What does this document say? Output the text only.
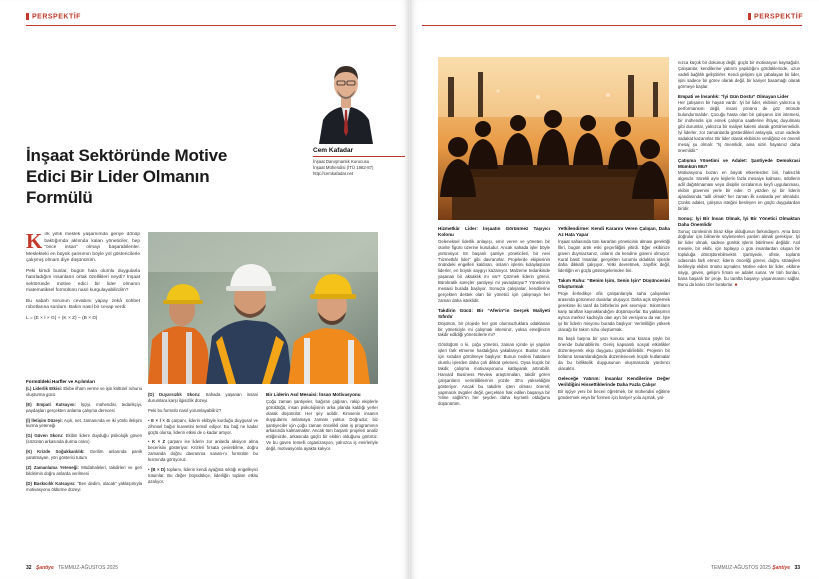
PERSPEKTİF
İnşaat Sektöründe Motive Edici Bir Lider Olmanın Formülü
Cem Kafadar
İnşaat Danışmanlık Kurucusu
İnşaat Mühendisi (İTÜ 1982-87)
http://cemkafadar.net

Kırk yıllık meslek yaşamımda geriye dönüp baktığımda aklımda kalan yöneticiler, hep “önce insan” olmayı başarabilenler. Meslekteki en büyük şansımın böyle yol göstericilerle çalışmış olmam diye düşünürüm.

Peki kimdi bunlar, bugün hala olumlu duygularla hatırladığım insanların ortak özellikleri neydi? İnşaat sektöründe motive edici bir lider olmanın matematiksel formülünü nasıl kurgulayabilirdim?

Bu sabah sorunun cevabını yapay zekâ sohbet robotlarına sordum. Bakın nasıl bir cevap verdi:

L = (E × İ × G) + (K × Z) − (B × D)

Formüldeki Harfler ve Açılımları

(L) Liderlik Etkisi: Ekibe ilham verme ve işin kültürel ruhunu oluşturma gücü

(E) Empati Katsayısı: İşçiyi, mühendisi, tedarikçiyi, paydaşları gerçekten anlama çalışma derecesi

(İ) İletişim Düzeyi: Açık, net, zamanında ve iki yönlü iletişim kurma yeteneği

(G) Güven Skoru: Ekibin lidere duyduğu psikolojik güven (sözünün arkasında durma oranı)

(K) Krizde Soğukkanlılık: Gerilim anlarında panik yaratmayan, yön gösterici tutum

(Z) Zamanlama Yeteneği: Müdahaleleri, takdirleri ve geri bildirimin doğru anlarda verilmesi

(D) Baskıcılık Katsayısı: “Ben dedim, olacak” yaklaşımıyla motivasyonu öldürme düzeyi

(D) Duyarsızlık Skoru: Sahada yaşanan insani durumlara karşı ilgisizlik düzeyi.

Peki bu formülü nasıl yorumlayabiliriz?

• E × İ × G çarpanı, liderin ekibiyle kurduğu duygusal ve zihinsel bağın kuvvetini temsil ediyor. Bu bağ ne kadar güçlü olursa, liderin etkisi de o kadar artıyor.

• K × Z çarpanı ise liderin zor anlarda aksiyon alma becerisini gösteriyor. Krizleri fırsata çevirebilme, doğru zamanda doğru davranma sanatı-nı formülün bu kısmında görüyoruz.

• (B × D) toplamı, liderin kendi ayağına sıktığı engelleyici tutumlar. Bu değer büyüdükçe, liderliğin toplam etkisi azalıyor.

Bir Liderin Asıl Mesaisi: İnsan Motivasyonu

Çoğu zaman şantiyeler, bağıran çağıran, rakip ekiplerle görüldüğü, insan psikolojisinin arka planda kaldığı yerler olarak düşünülür. Her şey acildir. Kimsenin insanın duygularını anlamaya zamanı yoktur. Doğrudur, biz şantiyeciler için çoğu zaman öncelikli olan iş programının arkasında kalmamaktır. Ancak tüm başarılı projeleri analiz ettiğimizde, arkasında güçlü bir ekibin olduğunu görürüz. Ve bu güven temelli organizasyon, yalnızca iş emirleriyle değil, motivasyonla ayakta kalıyor.

32 Şantiye TEMMUZ-AĞUSTOS 2025
PERSPEKTİF
Hizmetkâr Lider: İnşaatın Görünmez Taşıyıcı Kolonu

Geleneksel liderlik anlayışı, emir veren ve yöneten bir otorite figürü üzerine kuruludur. Ancak sahada işler böyle yürümüyor. En başarılı şantiye yöneticileri, bir nevi “hizmetkâr lider” gibi davranırlar. Projelerde ekiplerinin önündeki engelleri kaldıran, onların işlerini kolaylaştıran liderler, en büyük saygıyı kazanıyor. Malzeme tedarikinde yaşanan bir aksaklık mı var? Çözmek liderin görevi. Bürokratik süreçler şantiyeyi mi yavaşlatıyor? Yöneticinin mesaisi burada başlıyor. Sonuçta çalışanlar, kendilerine gerçekten destek olan bir yönetici için çalışmaya her zaman daha isteklidir.

Takdirin Gücü: Bir “Aferin”in Gerçek Maliyeti Sıfırdır

Düşünün, bir projede her gün olumsuzluklara odaklanan bir yöneticiyle mi çalışmak istersiniz, yoksa emeğinizin takdir edildiği yöneticilerle mi?

Gördüğüm o ki, çoğu yönetici, zaman içinde iyi yapılan işleri fark etmeme hastalığına yakalanıyor. Bunlar onun için sıradan görülmeye başlıyor. Bunun nedeni hataların olumlu işlerden daha çok dikkat çekmesi. Oysa küçük bir takdir, çalışma motivasyonunu katlayarak artırabilir. Harvard Business Review araştırmaları, takdir gören çalışanların verimliliklerinin yüzde 30’a yükseldiğini gösteriyor. Ancak bu takdirin içten olması önemli; yapmacık övgüler değil, gerçekten hak edilen başarıya bir “eline sağlık”ın her şeyden daha kıymetli olduğunu düşünürüm.

Yetkilendirme: Kendi Kararını Veren Çalışan, Daha Az Hata Yapar

İnşaat sahasında tüm kararları yöneticinin alması gerektiği fikri, bugün artık eski geçerliliğini yitirdi. Eğer ekibinize güven duymazsanız, onların da kendine güveni olmuyor. Kural basit: İnsanlar, gerçekten sorumlu oldukları işlerde daha dikkatli çalışıyor. Yetki devretmek, zayıflık değil, liderliğin en güçlü göstergelerinden biri.

Takım Ruhu: “Benim İşim, Senin İşin” Düşüncesini Oluşturmak

Proje ilerledikçe ofis çalışanlarıyla saha çalışanları arasında görünmez duvarlar oluşuyor. Daha açık söylemek gerekirse iki taraf da birbirlerini pek sevmiyor. Sıkıntıların karşı taraftan kaynaklandığını düşünüyorlar. Bu yaklaşımın ayrıca merkez kadroyla olan ayrı bir versiyonu da var. İşte iyi bir liderin misyonu burada başlıyor: Verimliliğin yüksek olacağı bir takım ruhu oluşturmak.

Bu başlı başına bir yazı konusu ama kısaca şöyle bir öneride bulunabilirim. Geniş kapsamlı sosyal etkinlikler düzenleyerek ekip duygusu güçlendirilebilir. Projenin bir bölümü tamamlandığında düzenlenecek küçük kutlamalar da bu birliktelik duygusunun oluşmasında yardımcı olacaktır.

Geleceğe Yatırım: İnsanlar Kendilerine Değer Verildiğini Hissettiklerinde Daha Fazla Çalışır

Bir işçiye yeni bir beceri öğretmek, bir mühendisi eğitime göndermek veya bir formen için kariyer yolu açmak, yal-

nızca küçük bir dokunuş değil, güçlü bir motivasyon kaynağıdır. Çalışanlar, kendilerine yatırım yapıldığını gördüklerinde, uzun vadeli bağlılık geliştirirler. Kendi gelişimi için çabalayan bir lider, işini sadece bir görev olarak değil, bir kariyer basamağı olarak görmeye başlar.

Empati ve İnsanlık: “İyi Gün Dostu” Olmayan Lider

Her çalışanın bir hayatı vardır. İyi bir lider, ekibinin yalnızca iş performansını değil, insani yönünü de göz önünde bulundurmalıdır. Çocuğu hasta olan bir çalışanın izin istemesi, bir mühendis için esnek çalışma saatlerine ihtiyaç duyulması gibi durumlar, yalnızca bir maliyet kalemi olarak görülmemelidir. İyi liderler, zor zamanlarda gösterdikleri anlayışla, uzun vadede sadakat kazanırlar. Bir lider olarak ekibinize verdiğiniz en önemli mesaj şu olmalı: “İş önemlidir, ama sizin hayatınız daha önemlidir.”

Çatışma Yönetimi ve Adalet: Şantiyede Demokrasi Mümkün Mü?

Motivasyonu bozan en büyük etkenlerden biri, haksızlık algısıdır. Sürekli aynı kişilerin fazla mesaiye kalması, ödüllerin adil dağıtılmaması veya disiplin cezalarının keyfi uygulanması, ekibin güvenini yerle bir eder. O yüzden iyi bir liderin ajandasında “adil olmak” her zaman ilk sıralarda yer almalıdır. Çünkü adalet, çalışma isteğini besleyen en güçlü duygulardan biridir.

Sonuç: İyi Bir İnsan Olmak, İyi Bir Yönetici Olmaktan Daha Önemlidir

Sonuç cümlesinin biraz klişe olduğunun farkındayım. Ama bazı doğrular için bilinenle söylenenleri yanlım almak gerekiyor. İyi bir lider olmak, sadece günlük işlerin bitirilmesi değildir. Asıl mesele, bir ekibi, için toplayıp o gün insanlardan oluşan bir topluluğa dönüştürebilmektir. Şantiyede, ofiste, toplantı odasında fark etmez; liderin önceliği görevi, doğru stratejileri belirleyip ekibin önünü açmaktır. Motive eden bir lider, ekibine saygı, güven, gelişim fırsatı ve adalet sunar. Ve tüm bunları, bana başarılı bir proje, bu tarafta başarıyı yaşanmasını sağlar. Bunu da kalıcı izler bırakırlar. ■

TEMMUZ-AĞUSTOS 2025 Şantiye 33
